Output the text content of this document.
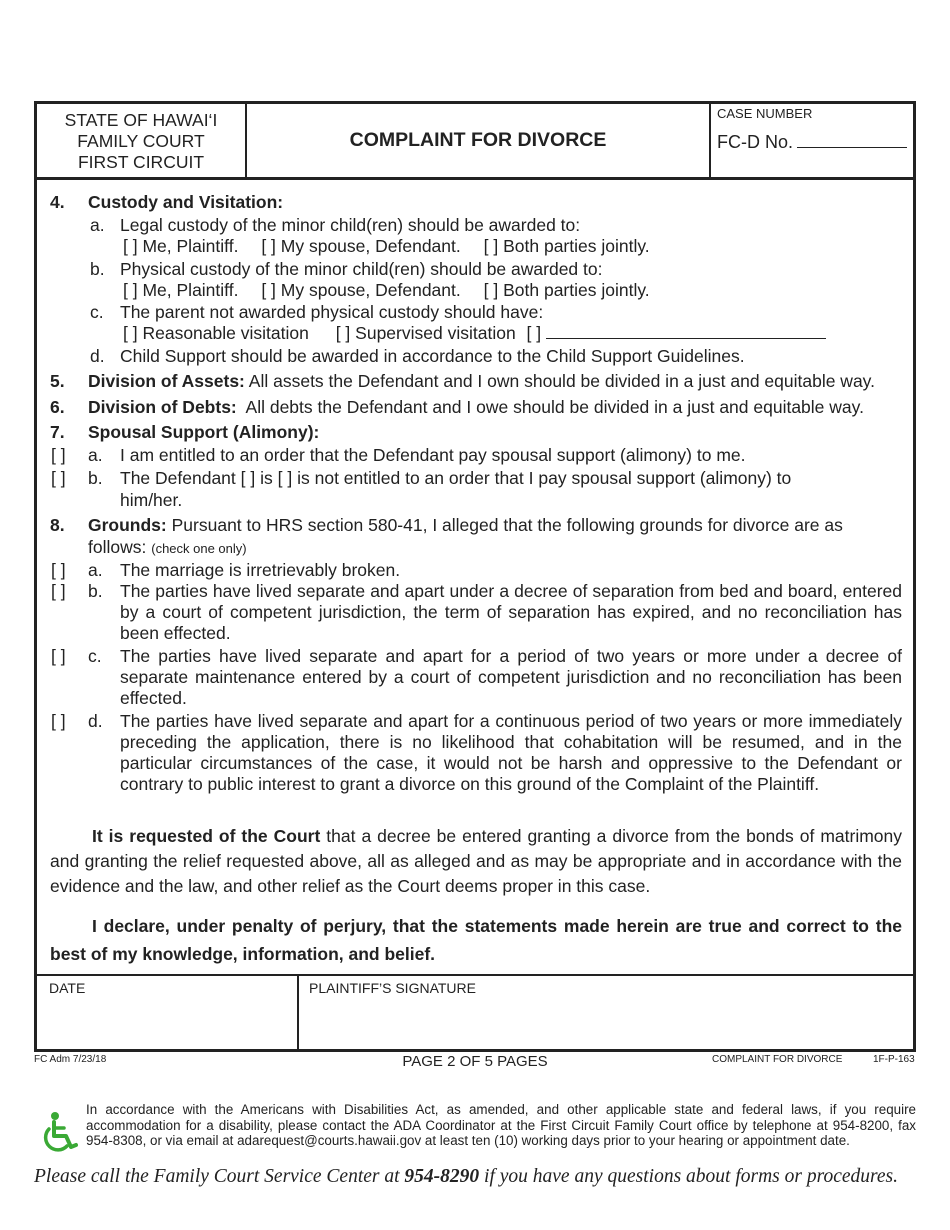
STATE OF HAWAI‘I
FAMILY COURT
FIRST CIRCUIT
COMPLAINT FOR DIVORCE
CASE NUMBER
FC-D No.
4. Custody and Visitation:
a. Legal custody of the minor child(ren) should be awarded to:
[ ] Me, Plaintiff. [ ] My spouse, Defendant. [ ] Both parties jointly.
b. Physical custody of the minor child(ren) should be awarded to:
[ ] Me, Plaintiff. [ ] My spouse, Defendant. [ ] Both parties jointly.
c. The parent not awarded physical custody should have:
[ ] Reasonable visitation [ ] Supervised visitation [ ]
d. Child Support should be awarded in accordance to the Child Support Guidelines.
5. Division of Assets: All assets the Defendant and I own should be divided in a just and equitable way.
6. Division of Debts: All debts the Defendant and I owe should be divided in a just and equitable way.
7. Spousal Support (Alimony):
[ ] a. I am entitled to an order that the Defendant pay spousal support (alimony) to me.
[ ] b. The Defendant [ ] is [ ] is not entitled to an order that I pay spousal support (alimony) to
him/her.
8. Grounds: Pursuant to HRS section 580-41, I alleged that the following grounds for divorce are as
follows: (check one only)
[ ] a. The marriage is irretrievably broken.
[ ] b. The parties have lived separate and apart under a decree of separation from bed and board, entered by a court of competent jurisdiction, the term of separation has expired, and no reconciliation has been effected.
[ ] c. The parties have lived separate and apart for a period of two years or more under a decree of separate maintenance entered by a court of competent jurisdiction and no reconciliation has been effected.
[ ] d. The parties have lived separate and apart for a continuous period of two years or more immediately preceding the application, there is no likelihood that cohabitation will be resumed, and in the particular circumstances of the case, it would not be harsh and oppressive to the Defendant or contrary to public interest to grant a divorce on this ground of the Complaint of the Plaintiff.
It is requested of the Court that a decree be entered granting a divorce from the bonds of matrimony and granting the relief requested above, all as alleged and as may be appropriate and in accordance with the evidence and the law, and other relief as the Court deems proper in this case.
I declare, under penalty of perjury, that the statements made herein are true and correct to the best of my knowledge, information, and belief.
DATE	PLAINTIFF’S SIGNATURE
FC Adm 7/23/18	PAGE 2 OF 5 PAGES	COMPLAINT FOR DIVORCE	1F-P-163
In accordance with the Americans with Disabilities Act, as amended, and other applicable state and federal laws, if you require accommodation for a disability, please contact the ADA Coordinator at the First Circuit Family Court office by telephone at 954-8200, fax 954-8308, or via email at adarequest@courts.hawaii.gov at least ten (10) working days prior to your hearing or appointment date.
Please call the Family Court Service Center at 954-8290 if you have any questions about forms or procedures.
